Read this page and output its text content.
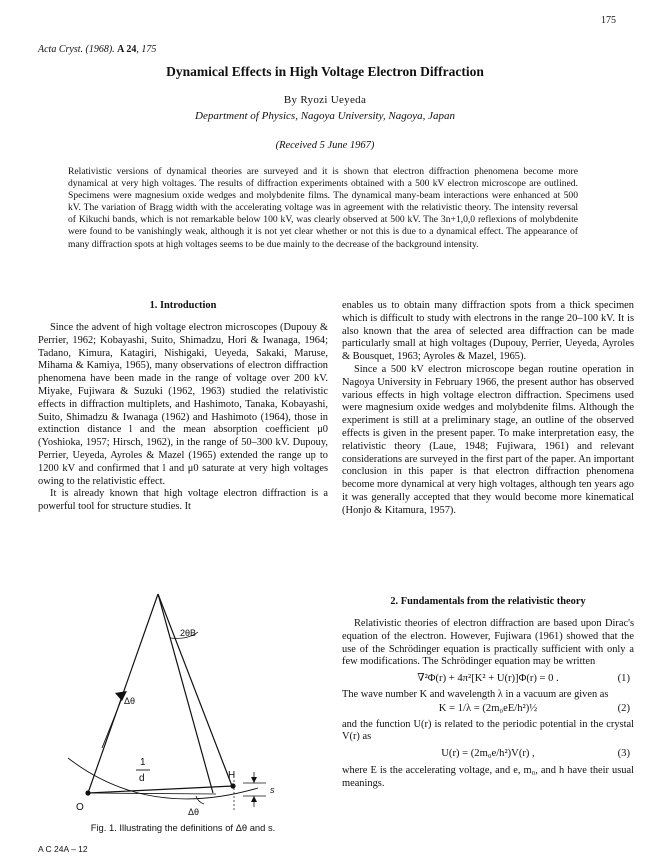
175
Acta Cryst. (1968). A 24, 175
Dynamical Effects in High Voltage Electron Diffraction
By Ryozi Ueyeda
Department of Physics, Nagoya University, Nagoya, Japan
(Received 5 June 1967)
Relativistic versions of dynamical theories are surveyed and it is shown that electron diffraction phenomena become more dynamical at very high voltages. The results of diffraction experiments obtained with a 500 kV electron microscope are outlined. Specimens were magnesium oxide wedges and molybdenite films. The dynamical many-beam interactions were enhanced at 500 kV. The variation of Bragg width with the accelerating voltage was in agreement with the relativistic theory. The intensity reversal of Kikuchi bands, which is not remarkable below 100 kV, was clearly observed at 500 kV. The 3n+1,0,0 reflexions of molybdenite were found to be vanishingly weak, although it is not yet clear whether or not this is due to a dynamical effect. The appearance of many diffraction spots at high voltages seems to be due mainly to the decrease of the background intensity.

1. Introduction

Since the advent of high voltage electron microscopes (Dupouy & Perrier, 1962; Kobayashi, Suito, Shimadzu, Hori & Iwanaga, 1964; Tadano, Kimura, Katagiri, Nishigaki, Ueyeda, Sakaki, Maruse, Mihama & Kamiya, 1965), many observations of electron diffraction phenomena have been made in the range of voltage over 200 kV. Miyake, Fujiwara & Suzuki (1962, 1963) studied the relativistic effects in diffraction multiplets, and Hashimoto, Tanaka, Kobayashi, Suito, Shimadzu & Iwanaga (1962) and Hashimoto (1964), those in extinction distance l and the mean absorption coefficient μ0 (Yoshioka, 1957; Hirsch, 1962), in the range of 50–300 kV. Dupouy, Perrier, Ueyeda, Ayroles & Mazel (1965) extended the range up to 1200 kV and confirmed that l and μ0 saturate at very high voltages owing to the relativistic effect.

It is already known that high voltage electron diffraction is a powerful tool for structure studies. It

2θB
Δθ
1
d	H
O
s
Δθ
Fig. 1. Illustrating the definitions of Δθ and s.

enables us to obtain many diffraction spots from a thick specimen which is difficult to study with electrons in the range 20–100 kV. It is also known that the area of selected area diffraction can be made particularly small at high voltages (Dupouy, Perrier, Ueyeda, Ayroles & Bousquet, 1963; Ayroles & Mazel, 1965).

Since a 500 kV electron microscope began routine operation in Nagoya University in February 1966, the present author has observed various effects in high voltage electron diffraction. Specimens used were magnesium oxide wedges and molybdenite films. Although the experiment is still at a preliminary stage, an outline of the observed effects is given in the present paper. To make interpretation easy, the relativistic theory (Laue, 1948; Fujiwara, 1961) and relevant considerations are surveyed in the first part of the paper. An important conclusion in this paper is that electron diffraction phenomena become more dynamical at very high voltages, although ten years ago it was generally accepted that they would become more kinematical (Honjo & Kitamura, 1957).

2. Fundamentals from the relativistic theory

Relativistic theories of electron diffraction are based upon Dirac's equation of the electron. However, Fujiwara (1961) showed that the use of the Schrödinger equation is practically sufficient with only a few modifications. The Schrödinger equation may be written

∇²Φ(r) + 4π²[K² + U(r)]Φ(r) = 0 .	(1)

The wave number K and wavelength λ in a vacuum are given as

K = 1/λ = (2m₀eE/h²)½	(2)

and the function U(r) is related to the periodic potential in the crystal V(r) as

U(r) = (2m₀e/h²)V(r) ,	(3)

where E is the accelerating voltage, and e, m₀, and h have their usual meanings.

A C 24A – 12
